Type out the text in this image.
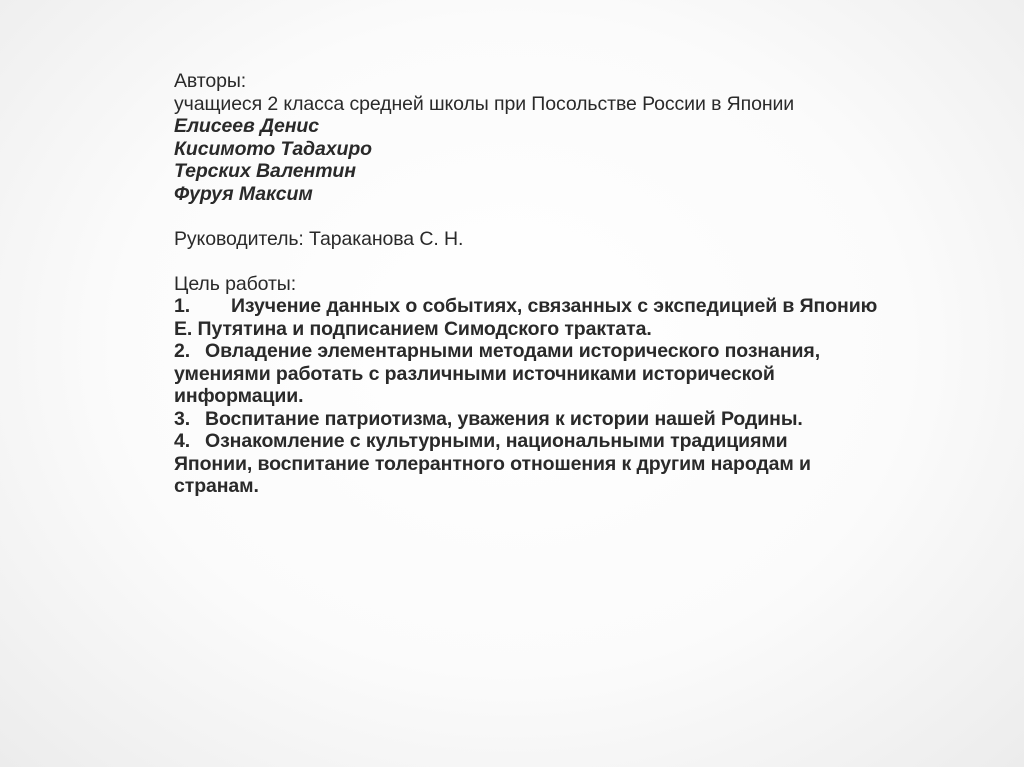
Авторы:
учащиеся 2 класса средней школы при Посольстве России в Японии
Елисеев Денис
Кисимото Тадахиро
Терских Валентин
Фуруя Максим
Руководитель: Тараканова С. Н.
Цель работы:
1. Изучение данных о событиях, связанных с экспедицией в Японию
Е. Путятина и подписанием Симодского трактата.
2. Овладение элементарными методами исторического познания,
умениями работать с различными источниками исторической
информации.
3. Воспитание патриотизма, уважения к истории нашей Родины.
4. Ознакомление с культурными, национальными традициями
Японии, воспитание толерантного отношения к другим народам и
странам.
